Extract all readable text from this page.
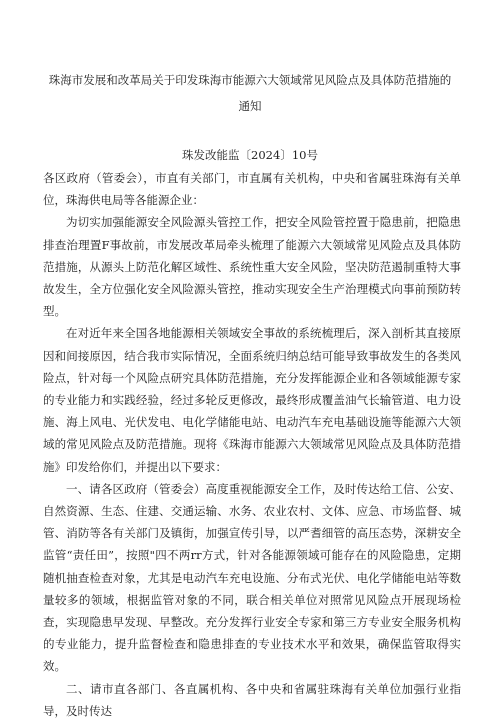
珠海市发展和改革局关于印发珠海市能源六大领域常见风险点及具体防范措施的
通知
珠发改能监〔2024〕10号

各区政府（管委会），市直有关部门，市直属有关机构，中央和省属驻珠海有关单位，珠海供电局等各能源企业：

为切实加强能源安全风险源头管控工作，把安全风险管控置于隐患前，把隐患排查治理置F事故前，市发展改革局牵头梳理了能源六大领域常见风险点及具体防范措施，从源头上防范化解区域性、系统性重大安全风险，坚决防范遏制重特大事故发生，全方位强化安全风险源头管控，推动实现安全生产治理模式向事前预防转型。

在对近年来全国各地能源相关领域安全事故的系统梳理后，深入剖析其直接原因和间接原因，结合我市实际情况，全面系统归纳总结可能导致事故发生的各类风险点，针对每一个风险点研究具体防范措施，充分发挥能源企业和各领域能源专家的专业能力和实践经验，经过多轮反更修改，最终形成覆盖油气长输管道、电力设施、海上风电、光伏发电、电化学储能电站、电动汽车充电基础设施等能源六大领域的常见风险点及防范措施。现将《珠海市能源六大领域常见风险点及具体防范措施》印发给你们，并提出以下要求：

一、请各区政府（管委会）高度重视能源安全工作，及时传达给工信、公安、自然资源、生态、住建、交通运输、水务、农业农村、文体、应急、市场监督、城管、消防等各有关部门及镇街，加强宣传引导，以严耆细管的高压态势，深耕安全监管“责任田”，按照"四不两rr方式，针对各能源领域可能存在的风险隐患，定期随机抽查检查对象，尤其是电动汽车充电设施、分布式光伏、电化学储能电站等数量较多的领域，根据监管对象的不同，联合相关单位对照常见风险点开展现场检查，实现隐患早发现、早整改。充分发挥行业安全专家和第三方专业安全服务机构的专业能力，提升监督检查和隐患排查的专业技术水平和效果，确保监管取得实效。

二、请市直各部门、各直属机构、各中央和省属驻珠海有关单位加强行业指导，及时传达
